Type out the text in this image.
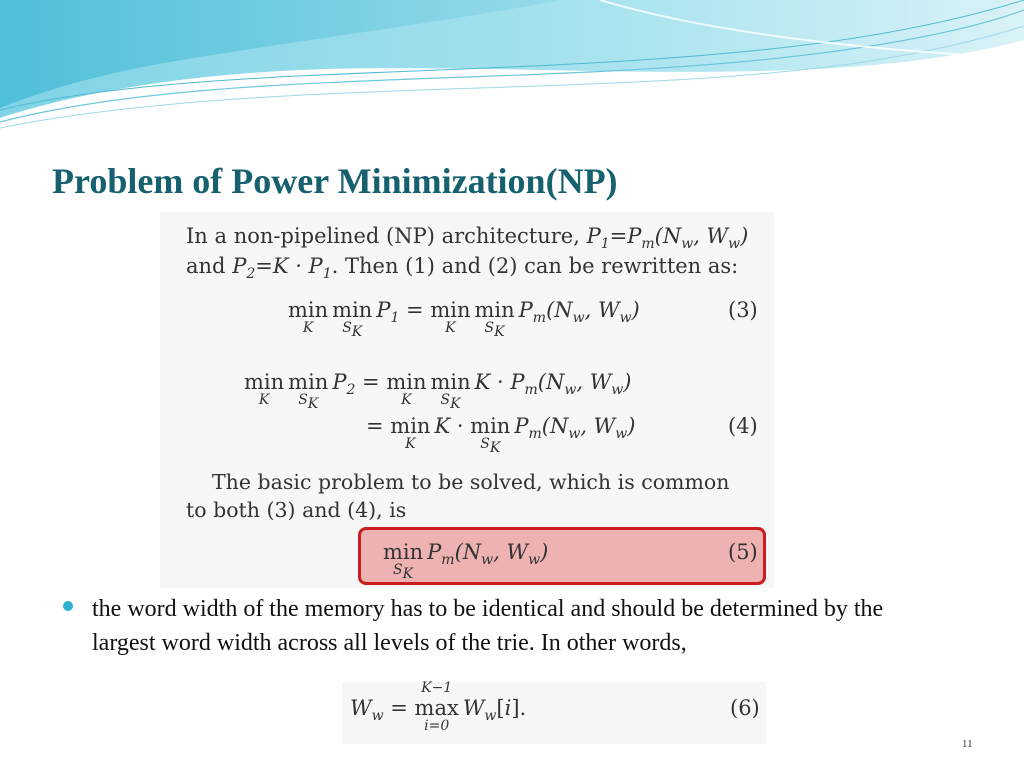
Problem of Power Minimization(NP)
In a non-pipelined (NP) architecture, $P_1=P_m(N_w$, $W_w$)
and $P_2=K \cdot P_1$. Then (1) and (2) can be rewritten as:
min
K
min
$S_K$
$P_1 = \min$
K
min
$S_K$
$P_m(N_w$, $W_w$)	(3)
min
K
min
$S_K$
$P_2 = \min$
K
min
$S_K$
$K \cdot P_m(N_w$, $W_w$)
= min
K
K · min
$S_K$
$P_m(N_w$, $W_w$)	(4)
The basic problem to be solved, which is common
to both (3) and (4), is
min
$S_K$
$P_m(N_w$, $W_w$)	(5)
the word width of the memory has to be identical and should be determined by the largest word width across all levels of the trie. In other words,
$W_w$ =
K−1
max
i=0
$W_w[i]$.	(6)
11
